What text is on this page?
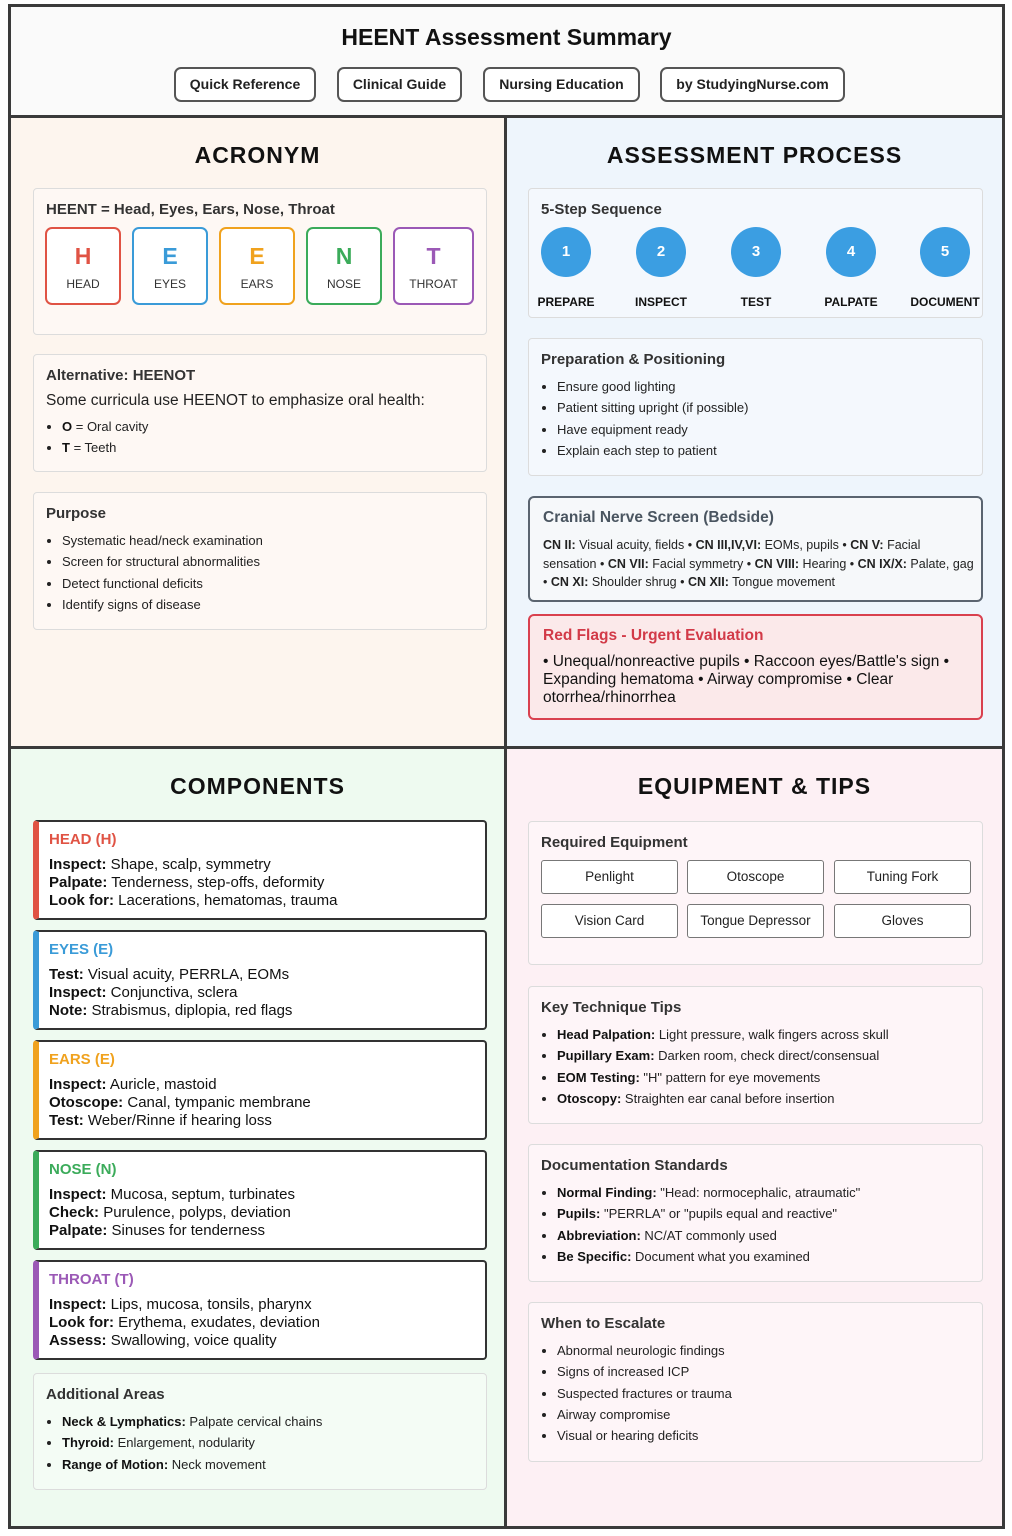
HEENT Assessment Summary
Quick Reference	Clinical Guide	Nursing Education	by StudyingNurse.com
ACRONYM
HEENT = Head, Eyes, Ears, Nose, Throat
H
HEAD
E
EYES
E
EARS
N
NOSE
T
THROAT
Alternative: HEENOT
Some curricula use HEENOT to emphasize oral health:
• O = Oral cavity
• T = Teeth
Purpose
• Systematic head/neck examination
• Screen for structural abnormalities
• Detect functional deficits
• Identify signs of disease
ASSESSMENT PROCESS
5-Step Sequence
1
PREPARE
2
INSPECT
3
TEST
4
PALPATE
5
DOCUMENT
Preparation & Positioning
• Ensure good lighting
• Patient sitting upright (if possible)
• Have equipment ready
• Explain each step to patient
Cranial Nerve Screen (Bedside)
CN II: Visual acuity, fields • CN III,IV,VI: EOMs, pupils • CN V: Facial sensation • CN VII: Facial symmetry • CN VIII: Hearing • CN IX/X: Palate, gag • CN XI: Shoulder shrug • CN XII: Tongue movement
Red Flags - Urgent Evaluation
• Unequal/nonreactive pupils • Raccoon eyes/Battle's sign • Expanding hematoma • Airway compromise • Clear otorrhea/rhinorrhea
COMPONENTS
HEAD (H)
Inspect: Shape, scalp, symmetry
Palpate: Tenderness, step-offs, deformity
Look for: Lacerations, hematomas, trauma
EYES (E)
Test: Visual acuity, PERRLA, EOMs
Inspect: Conjunctiva, sclera
Note: Strabismus, diplopia, red flags
EARS (E)
Inspect: Auricle, mastoid
Otoscope: Canal, tympanic membrane
Test: Weber/Rinne if hearing loss
NOSE (N)
Inspect: Mucosa, septum, turbinates
Check: Purulence, polyps, deviation
Palpate: Sinuses for tenderness
THROAT (T)
Inspect: Lips, mucosa, tonsils, pharynx
Look for: Erythema, exudates, deviation
Assess: Swallowing, voice quality
Additional Areas
• Neck & Lymphatics: Palpate cervical chains
• Thyroid: Enlargement, nodularity
• Range of Motion: Neck movement
EQUIPMENT & TIPS
Required Equipment
Penlight	Otoscope	Tuning Fork
Vision Card	Tongue Depressor	Gloves
Key Technique Tips
• Head Palpation: Light pressure, walk fingers across skull
• Pupillary Exam: Darken room, check direct/consensual
• EOM Testing: "H" pattern for eye movements
• Otoscopy: Straighten ear canal before insertion
Documentation Standards
• Normal Finding: "Head: normocephalic, atraumatic"
• Pupils: "PERRLA" or "pupils equal and reactive"
• Abbreviation: NC/AT commonly used
• Be Specific: Document what you examined
When to Escalate
• Abnormal neurologic findings
• Signs of increased ICP
• Suspected fractures or trauma
• Airway compromise
• Visual or hearing deficits
